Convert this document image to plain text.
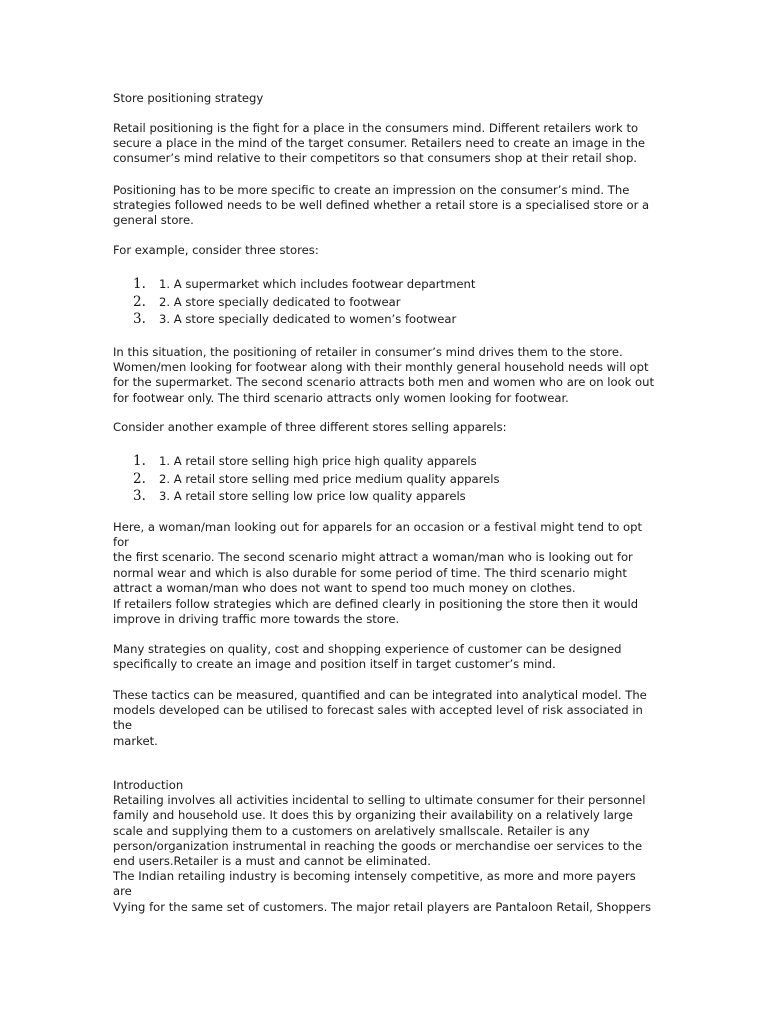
Store positioning strategy

Retail positioning is the fight for a place in the consumers mind. Different retailers work to
secure a place in the mind of the target consumer. Retailers need to create an image in the
consumer’s mind relative to their competitors so that consumers shop at their retail shop.

Positioning has to be more specific to create an impression on the consumer’s mind. The
strategies followed needs to be well defined whether a retail store is a specialised store or a
general store.

For example, consider three stores:

1.	1. A supermarket which includes footwear department
2.	2. A store specially dedicated to footwear
3.	3. A store specially dedicated to women’s footwear

In this situation, the positioning of retailer in consumer’s mind drives them to the store.
Women/men looking for footwear along with their monthly general household needs will opt
for the supermarket. The second scenario attracts both men and women who are on look out
for footwear only. The third scenario attracts only women looking for footwear.

Consider another example of three different stores selling apparels:

1.	1. A retail store selling high price high quality apparels
2.	2. A retail store selling med price medium quality apparels
3.	3. A retail store selling low price low quality apparels

Here, a woman/man looking out for apparels for an occasion or a festival might tend to opt for
the first scenario. The second scenario might attract a woman/man who is looking out for
normal wear and which is also durable for some period of time. The third scenario might
attract a woman/man who does not want to spend too much money on clothes.

If retailers follow strategies which are defined clearly in positioning the store then it would
improve in driving traffic more towards the store.

Many strategies on quality, cost and shopping experience of customer can be designed
specifically to create an image and position itself in target customer’s mind.

These tactics can be measured, quantified and can be integrated into analytical model. The
models developed can be utilised to forecast sales with accepted level of risk associated in the
market.

Introduction
Retailing involves all activities incidental to selling to ultimate consumer for their personnel
family and household use. It does this by organizing their availability on a relatively large
scale and supplying them to a customers on arelatively smallscale. Retailer is any
person/organization instrumental in reaching the goods or merchandise oer services to the
end users.Retailer is a must and cannot be eliminated.
The Indian retailing industry is becoming intensely competitive, as more and more payers are
Vying for the same set of customers. The major retail players are Pantaloon Retail, Shoppers
